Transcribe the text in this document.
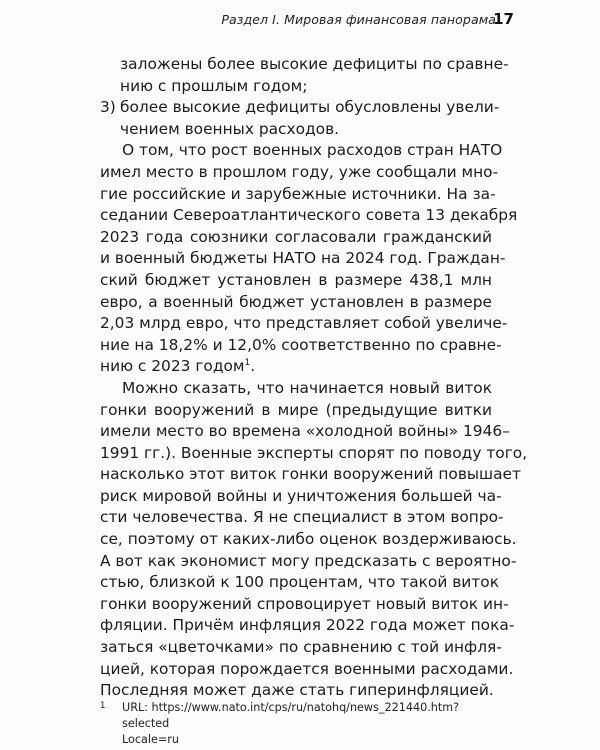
Раздел I. Мировая финансовая панорама
17

заложены более высокие дефициты по сравне-
нию с прошлым годом;

3) более высокие дефициты обусловлены увели-
чением военных расходов.

О том, что рост военных расходов стран НАТО
имел место в прошлом году, уже сообщали мно-
гие российские и зарубежные источники. На за-
седании Североатлантического совета 13 декабря
2023 года союзники согласовали гражданский
и военный бюджеты НАТО на 2024 год. Граждан-
ский бюджет установлен в размере 438,1 млн
евро, а военный бюджет установлен в размере
2,03 млрд евро, что представляет собой увеличе-
ние на 18,2% и 12,0% соответственно по сравне-
нию с 2023 годом$^1$.

Можно сказать, что начинается новый виток
гонки вооружений в мире (предыдущие витки
имели место во времена «холодной войны» 1946–
1991 гг.). Военные эксперты спорят по поводу того,
насколько этот виток гонки вооружений повышает
риск мировой войны и уничтожения большей ча-
сти человечества. Я не специалист в этом вопро-
се, поэтому от каких-либо оценок воздерживаюсь.
А вот как экономист могу предсказать с вероятно-
стью, близкой к 100 процентам, что такой виток
гонки вооружений спровоцирует новый виток ин-
фляции. Причём инфляция 2022 года может пока-
заться «цветочками» по сравнению с той инфля-
цией, которая порождается военными расходами.
Последняя может даже стать гиперинфляцией.

1 URL: https://www.nato.int/cps/ru/natohq/news_221440.htm?selected
Locale=ru
